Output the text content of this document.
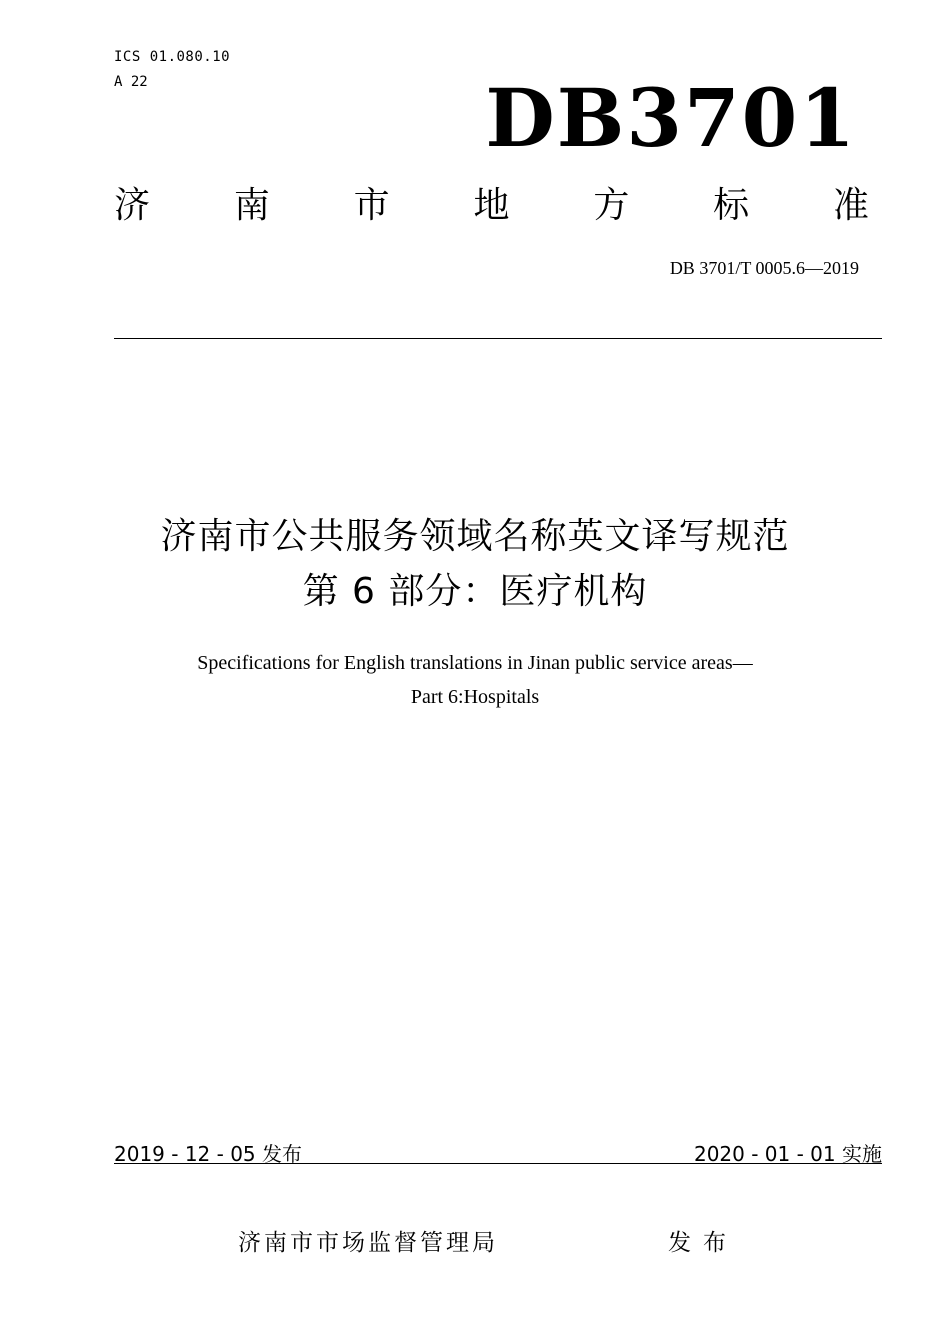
ICS 01.080.10
A 22	DB3701
济 南 市 地 方 标 准
DB 3701/T 0005.6—2019
济南市公共服务领域名称英文译写规范
第 6 部分：医疗机构
Specifications for English translations in Jinan public service areas—
Part 6:Hospitals
2019 - 12 - 05 发布	2020 - 01 - 01 实施
济南市市场监督管理局	发布
